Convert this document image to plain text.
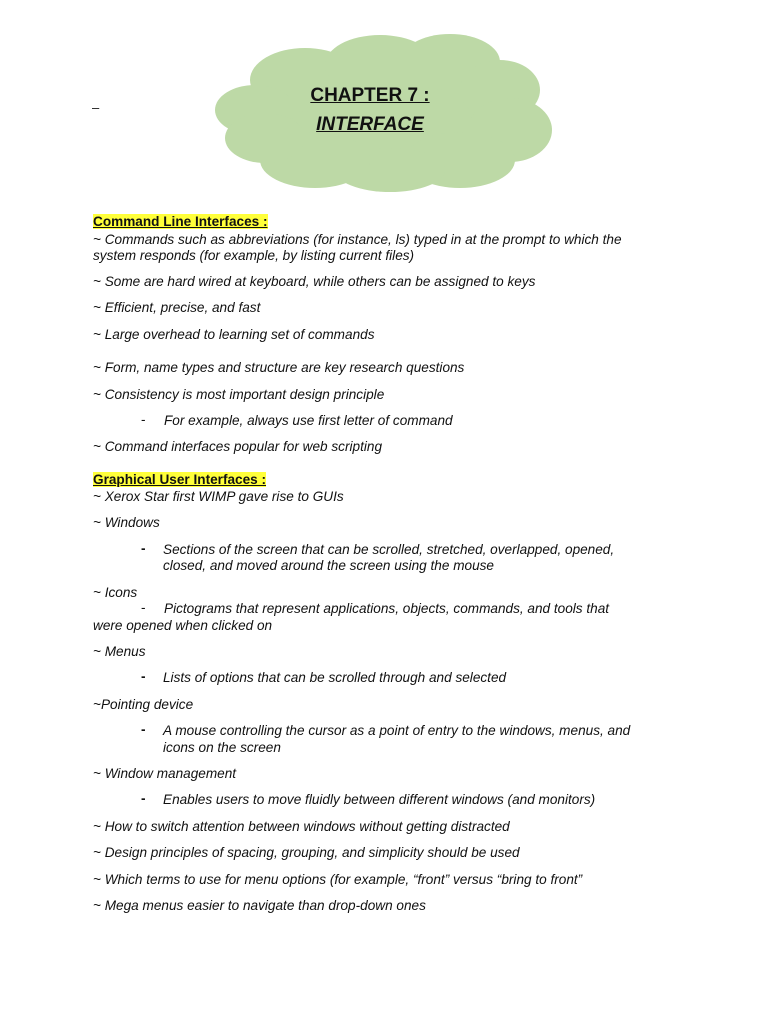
CHAPTER 7 :
INTERFACE
–
Command Line Interfaces :
~ Commands such as abbreviations (for instance, ls) typed in at the prompt to which the
system responds (for example, by listing current files)
~ Some are hard wired at keyboard, while others can be assigned to keys
~ Efficient, precise, and fast
~ Large overhead to learning set of commands
~ Form, name types and structure are key research questions
~ Consistency is most important design principle
- For example, always use first letter of command
~ Command interfaces popular for web scripting
Graphical User Interfaces :
~ Xerox Star first WIMP gave rise to GUIs
~ Windows
- Sections of the screen that can be scrolled, stretched, overlapped, opened,
closed, and moved around the screen using the mouse
~ Icons
- Pictograms that represent applications, objects, commands, and tools that
were opened when clicked on
~ Menus
- Lists of options that can be scrolled through and selected
~Pointing device
- A mouse controlling the cursor as a point of entry to the windows, menus, and
icons on the screen
~ Window management
- Enables users to move fluidly between different windows (and monitors)
~ How to switch attention between windows without getting distracted
~ Design principles of spacing, grouping, and simplicity should be used
~ Which terms to use for menu options (for example, “front” versus “bring to front”
~ Mega menus easier to navigate than drop-down ones
